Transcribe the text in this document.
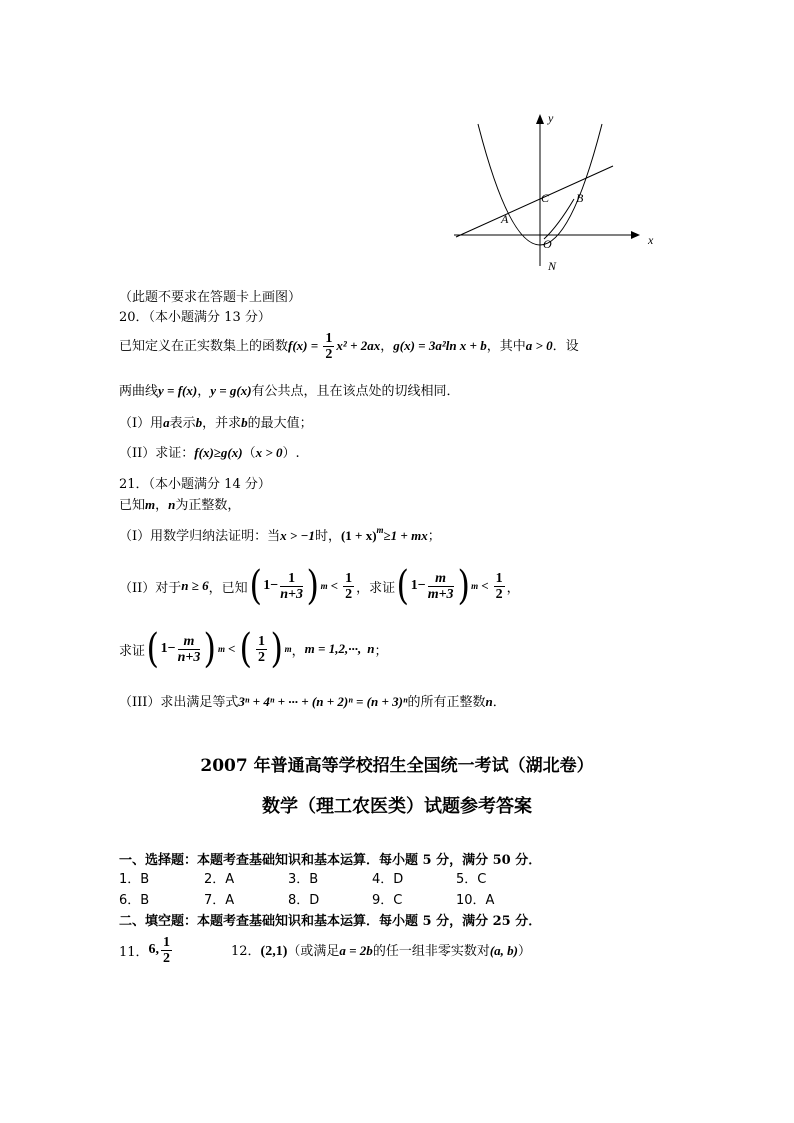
x
y
A
B
C
O
N
（此题不要求在答题卡上画图）
20．（本小题满分 13 分）
已知定义在正实数集上的函数$f(x) = \frac{1}{2} x^2 + 2ax$，g(x) = 3a²ln x + b，其中a > 0．设
两曲线y = f(x)，y = g(x)有公共点，且在该点处的切线相同．
（I）用a表示b，并求b的最大值；
（II）求证：f(x)≥g(x)（x > 0）.
21．（本小题满分 14 分）
已知m，n为正整数，
（I）用数学归纳法证明：当x > −1时，$(1 + x)^m\ge 1$ + mx；
（II）对于 n ≥ 6 ，已知 ( $1- \frac{1}{n+3}$ ) $m < \frac{1}{2}$ ，求证 ( $1- \frac{m}{m+3}$ ) $m < \frac{1}{2}$ ，
求证 ( $1- \frac{m}{n+3}$ ) m < ( $\frac{1}{2}$ ) m ， m = 1,2,···, n ；
（III）求出满足等式3ⁿ + 4ⁿ + ··· + (n + 2)ⁿ = (n + 3)ⁿ的所有正整数n．
2007 年普通高等学校招生全国统一考试（湖北卷）
数学（理工农医类）试题参考答案
一、选择题：本题考查基础知识和基本运算．每小题 5 分，满分 50 分．
1．B	2．A	3．B	4．D	5．C
6．B	7．A	8．D	9．C	10．A
二、填空题：本题考查基础知识和基本运算．每小题 5 分，满分 25 分．
11． 6, $\frac{1}{2}$	12．(2,1)（或满足a = 2b的任一组非零实数对(a, b)）
